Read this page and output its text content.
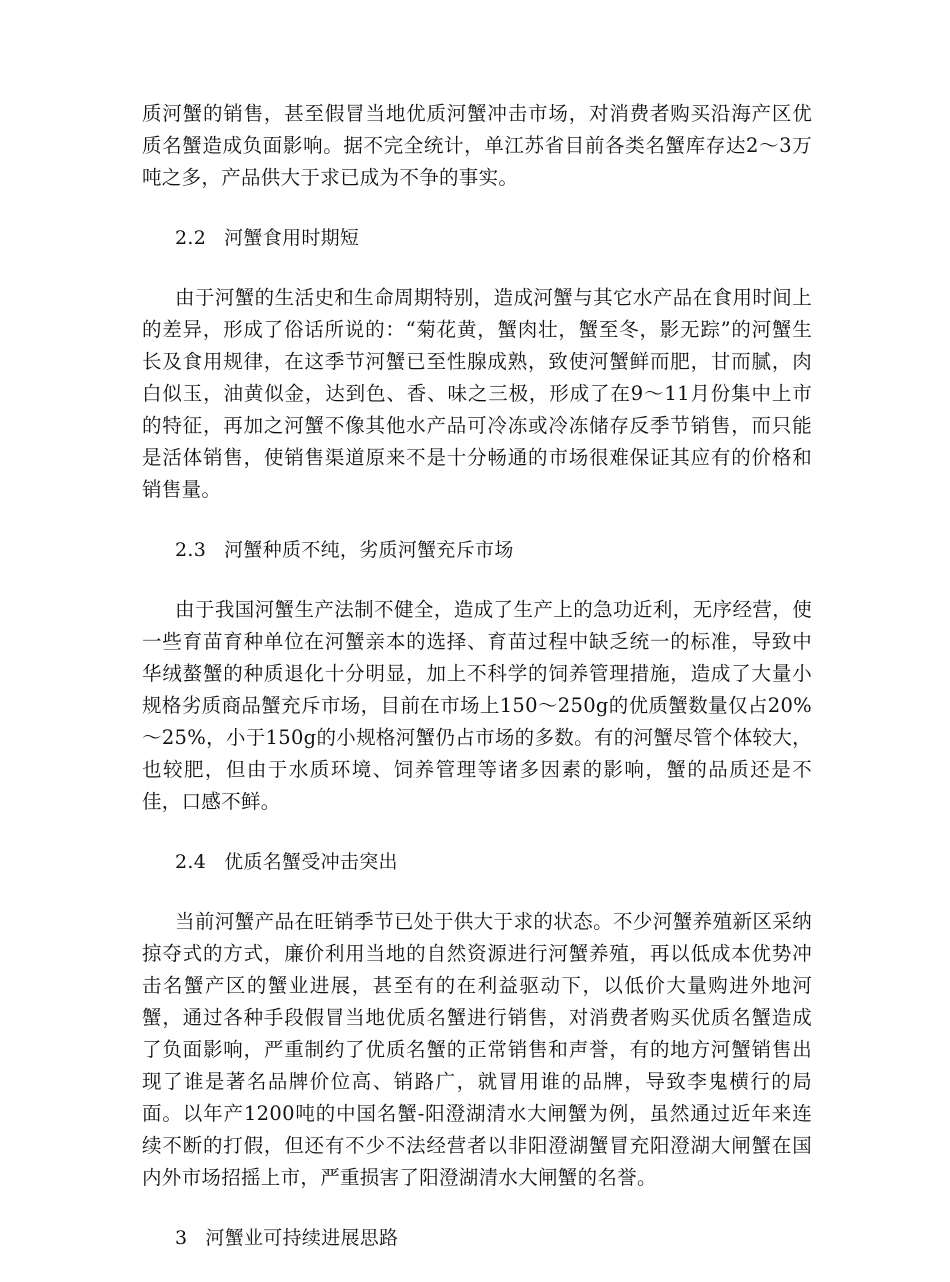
质河蟹的销售，甚至假冒当地优质河蟹冲击市场，对消费者购买沿海产区优质名蟹造成负面影响。据不完全统计，单江苏省目前各类名蟹库存达2～3万吨之多，产品供大于求已成为不争的事实。

2.2 河蟹食用时期短

由于河蟹的生活史和生命周期特别，造成河蟹与其它水产品在食用时间上的差异，形成了俗话所说的：“菊花黄，蟹肉壮，蟹至冬，影无踪”的河蟹生长及食用规律，在这季节河蟹已至性腺成熟，致使河蟹鲜而肥，甘而腻，肉白似玉，油黄似金，达到色、香、味之三极，形成了在9～11月份集中上市的特征，再加之河蟹不像其他水产品可冷冻或冷冻储存反季节销售，而只能是活体销售，使销售渠道原来不是十分畅通的市场很难保证其应有的价格和销售量。

2.3 河蟹种质不纯，劣质河蟹充斥市场

由于我国河蟹生产法制不健全，造成了生产上的急功近利，无序经营，使一些育苗育种单位在河蟹亲本的选择、育苗过程中缺乏统一的标准，导致中华绒螯蟹的种质退化十分明显，加上不科学的饲养管理措施，造成了大量小规格劣质商品蟹充斥市场，目前在市场上150～250g的优质蟹数量仅占20%～25%，小于150g的小规格河蟹仍占市场的多数。有的河蟹尽管个体较大，也较肥，但由于水质环境、饲养管理等诸多因素的影响，蟹的品质还是不佳，口感不鲜。

2.4 优质名蟹受冲击突出

当前河蟹产品在旺销季节已处于供大于求的状态。不少河蟹养殖新区采纳掠夺式的方式，廉价利用当地的自然资源进行河蟹养殖，再以低成本优势冲击名蟹产区的蟹业进展，甚至有的在利益驱动下，以低价大量购进外地河蟹，通过各种手段假冒当地优质名蟹进行销售，对消费者购买优质名蟹造成了负面影响，严重制约了优质名蟹的正常销售和声誉，有的地方河蟹销售出现了谁是著名品牌价位高、销路广，就冒用谁的品牌，导致李鬼横行的局面。以年产1200吨的中国名蟹-阳澄湖清水大闸蟹为例，虽然通过近年来连续不断的打假，但还有不少不法经营者以非阳澄湖蟹冒充阳澄湖大闸蟹在国内外市场招摇上市，严重损害了阳澄湖清水大闸蟹的名誉。

3 河蟹业可持续进展思路
